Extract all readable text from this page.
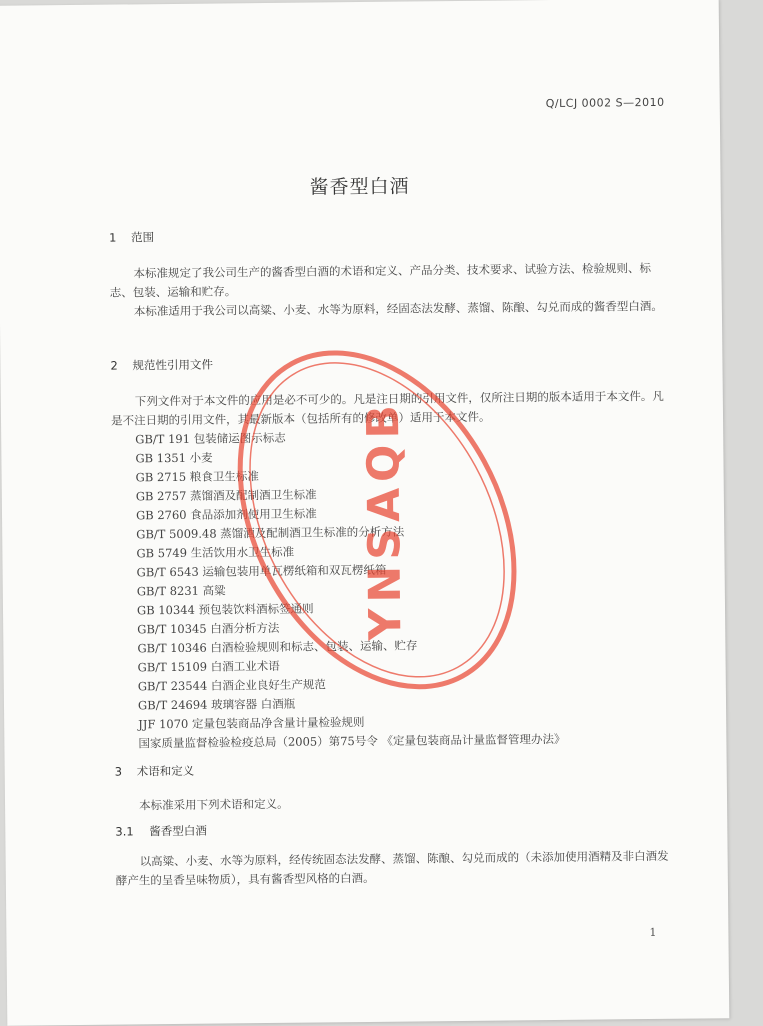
Q/LCJ 0002 S—2010
酱香型白酒
1 范围
本标准规定了我公司生产的酱香型白酒的术语和定义、产品分类、技术要求、试验方法、检验规则、标志、包装、运输和贮存。
本标准适用于我公司以高粱、小麦、水等为原料，经固态法发酵、蒸馏、陈酿、勾兑而成的酱香型白酒。
2 规范性引用文件
下列文件对于本文件的应用是必不可少的。凡是注日期的引用文件，仅所注日期的版本适用于本文件。凡是不注日期的引用文件，其最新版本（包括所有的修改单）适用于本文件。
GB/T 191 包装储运图示标志
GB 1351 小麦
GB 2715 粮食卫生标准
GB 2757 蒸馏酒及配制酒卫生标准
GB 2760 食品添加剂使用卫生标准
GB/T 5009.48 蒸馏酒及配制酒卫生标准的分析方法
GB 5749 生活饮用水卫生标准
GB/T 6543 运输包装用单瓦楞纸箱和双瓦楞纸箱
GB/T 8231 高粱
GB 10344 预包装饮料酒标签通则
GB/T 10345 白酒分析方法
GB/T 10346 白酒检验规则和标志、包装、运输、贮存
GB/T 15109 白酒工业术语
GB/T 23544 白酒企业良好生产规范
GB/T 24694 玻璃容器 白酒瓶
JJF 1070 定量包装商品净含量计量检验规则
国家质量监督检验检疫总局（2005）第75号令 《定量包装商品计量监督管理办法》
3 术语和定义
本标准采用下列术语和定义。
3.1 酱香型白酒
以高粱、小麦、水等为原料，经传统固态法发酵、蒸馏、陈酿、勾兑而成的（未添加使用酒精及非白酒发酵产生的呈香呈味物质），具有酱香型风格的白酒。
1
YNSAQB
